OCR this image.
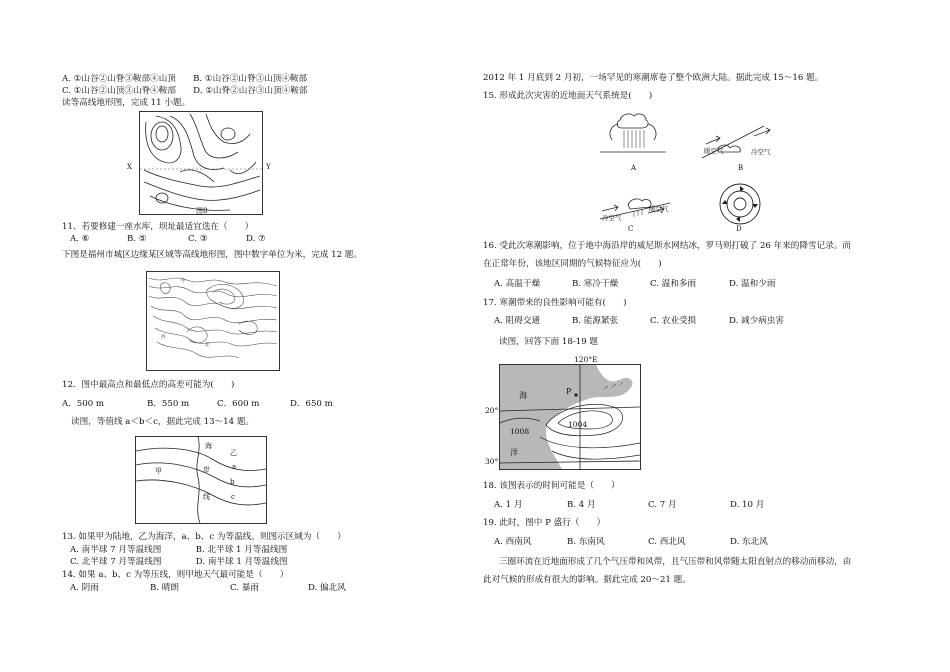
A. ①山谷②山脊③鞍部④山顶　　B. ①山谷②山脊③山顶④鞍部
C. ①山谷②山顶③山脊④鞍部　　D. ①山脊②山谷③山顶④鞍部
读等高线地形图，完成 11 小题。
X	Y
图8
11、若要修建一座水库，坝址最适宜选在（　　）
A. ⑥	B. ⑤	C. ③	D. ⑦
下图是福州市城区边缘某区域等高线地形图，图中数字单位为米，完成 12 题。
中
西
北
12．图中最高点和最低点的高差可能为(　　)
A．500 m	B．550 m	C．600 m	D．650 m
读图，等值线 a＜b＜c，据此完成 13～14 题。
海
乙
岸
甲
线
a
b
c
13. 如果甲为陆地，乙为海洋，a、b、c 为等温线。则图示区域为（　　）
A. 南半球 7 月等温线图　　　　B. 北半球 1 月等温线图
C. 北半球 7 月等温线图　　　　D. 南半球 1 月等温线图
14. 如果 a、b、c 为等压线，则甲地天气最可能是（　　）
A. 阴雨	B. 晴朗	C. 暴雨	D. 偏北风
2012 年 1 月底到 2 月初，一场罕见的寒潮席卷了整个欧洲大陆。据此完成 15～16 题。
15. 形成此次灾害的近地面天气系统是(　　)
A
暖空气	冷空气
B
冷空气
暖空气
C	D
16. 受此次寒潮影响，位于地中海沿岸的威尼斯水网结冰，罗马则打破了 26 年来的降雪记录。而
在正常年份，该地区同期的气候特征应为(　　)
A. 高温干燥	B. 寒冷干燥	C. 温和多雨	D. 温和少雨
17. 寒潮带来的良性影响可能有(　　)
A. 阻碍交通	B. 能源紧张	C. 农业受损	D. 减少病虫害
读图，回答下面 18-19 题
120°E
海	P
20°
1008
1004
洋
30°
18. 该图表示的时间可能是（　　）
A. 1 月	B. 4 月	C. 7 月	D. 10 月
19. 此时，图中 P 盛行（　　）
A. 西南风	B. 东南风	C. 西北风	D. 东北风
三圈环流在近地面形成了几个气压带和风带，且气压带和风带随太阳直射点的移动而移动，由
此对气候的形成有很大的影响。据此完成 20～21 题。
